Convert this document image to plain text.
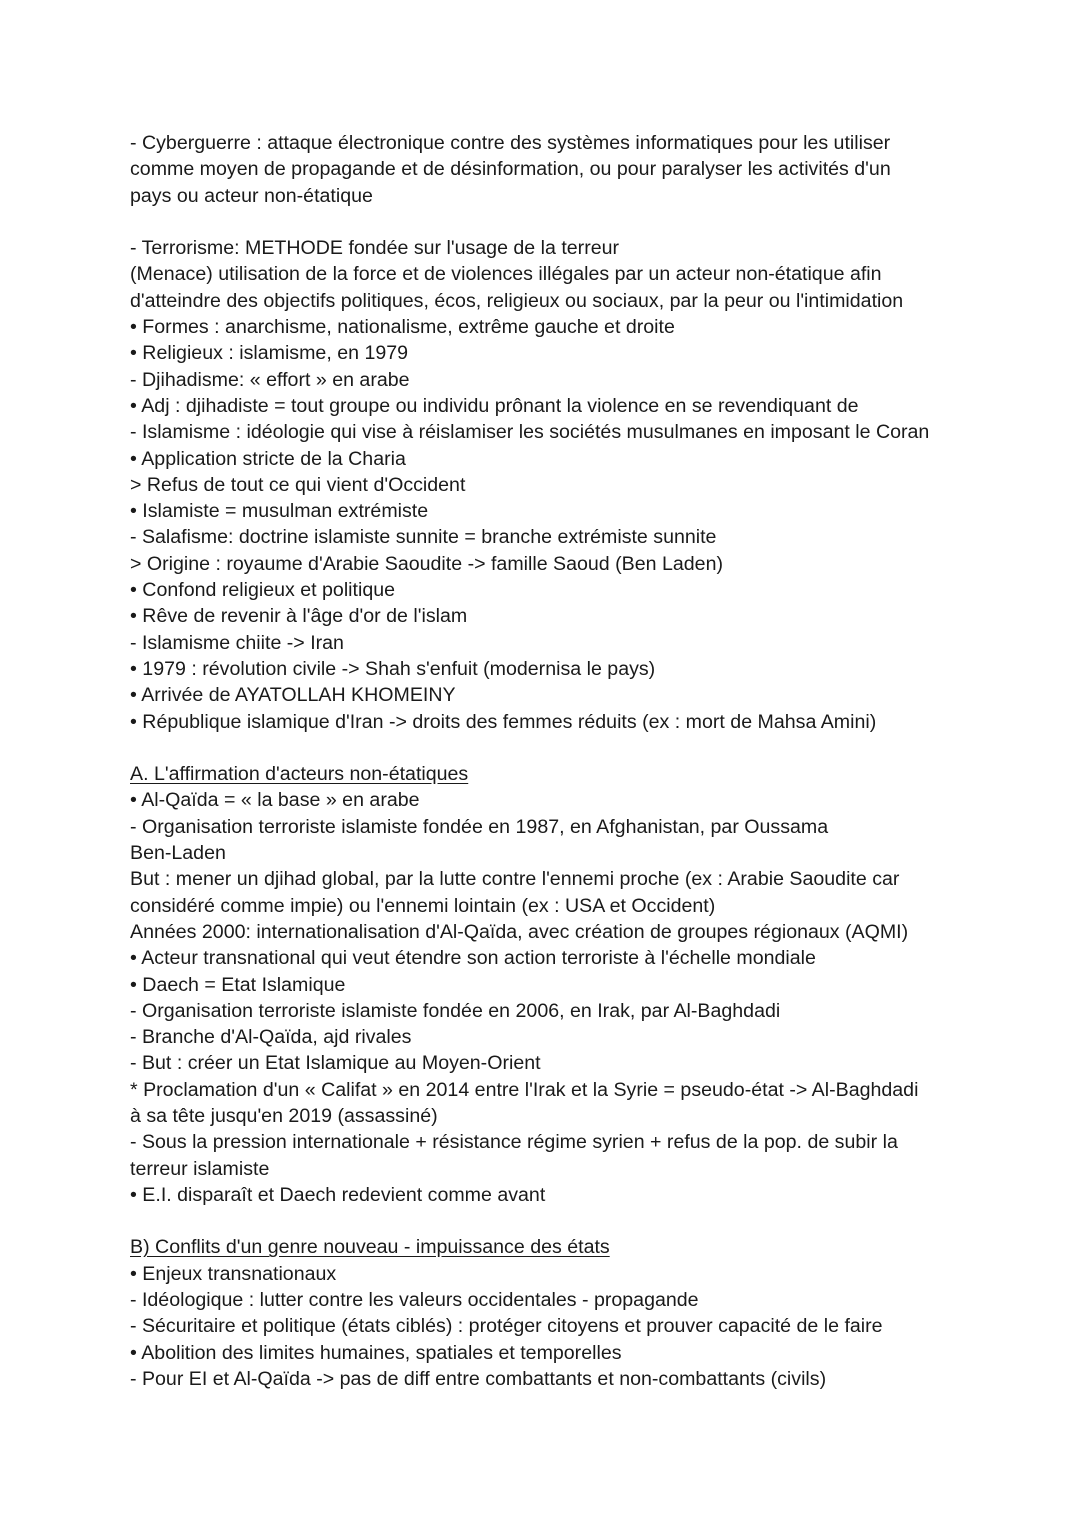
- Cyberguerre : attaque électronique contre des systèmes informatiques pour les utiliser
comme moyen de propagande et de désinformation, ou pour paralyser les activités d'un
pays ou acteur non-étatique
- Terrorisme: METHODE fondée sur l'usage de la terreur
(Menace) utilisation de la force et de violences illégales par un acteur non-étatique afin
d'atteindre des objectifs politiques, écos, religieux ou sociaux, par la peur ou l'intimidation
• Formes : anarchisme, nationalisme, extrême gauche et droite
• Religieux : islamisme, en 1979
- Djihadisme: « effort » en arabe
• Adj : djihadiste = tout groupe ou individu prônant la violence en se revendiquant de
- Islamisme : idéologie qui vise à réislamiser les sociétés musulmanes en imposant le Coran
• Application stricte de la Charia
> Refus de tout ce qui vient d'Occident
• Islamiste = musulman extrémiste
- Salafisme: doctrine islamiste sunnite = branche extrémiste sunnite
> Origine : royaume d'Arabie Saoudite -> famille Saoud (Ben Laden)
• Confond religieux et politique
• Rêve de revenir à l'âge d'or de l'islam
- Islamisme chiite -> Iran
• 1979 : révolution civile -> Shah s'enfuit (modernisa le pays)
• Arrivée de AYATOLLAH KHOMEINY
• République islamique d'Iran -> droits des femmes réduits (ex : mort de Mahsa Amini)
A. L'affirmation d'acteurs non-étatiques
• Al-Qaïda = « la base » en arabe
- Organisation terroriste islamiste fondée en 1987, en Afghanistan, par Oussama
Ben-Laden
But : mener un djihad global, par la lutte contre l'ennemi proche (ex : Arabie Saoudite car
considéré comme impie) ou l'ennemi lointain (ex : USA et Occident)
Années 2000: internationalisation d'Al-Qaïda, avec création de groupes régionaux (AQMI)
• Acteur transnational qui veut étendre son action terroriste à l'échelle mondiale
• Daech = Etat Islamique
- Organisation terroriste islamiste fondée en 2006, en Irak, par Al-Baghdadi
- Branche d'Al-Qaïda, ajd rivales
- But : créer un Etat Islamique au Moyen-Orient
* Proclamation d'un « Califat » en 2014 entre l'Irak et la Syrie = pseudo-état -> Al-Baghdadi
à sa tête jusqu'en 2019 (assassiné)
- Sous la pression internationale + résistance régime syrien + refus de la pop. de subir la
terreur islamiste
• E.I. disparaît et Daech redevient comme avant
B) Conflits d'un genre nouveau - impuissance des états
• Enjeux transnationaux
- Idéologique : lutter contre les valeurs occidentales - propagande
- Sécuritaire et politique (états ciblés) : protéger citoyens et prouver capacité de le faire
• Abolition des limites humaines, spatiales et temporelles
- Pour EI et Al-Qaïda -> pas de diff entre combattants et non-combattants (civils)
